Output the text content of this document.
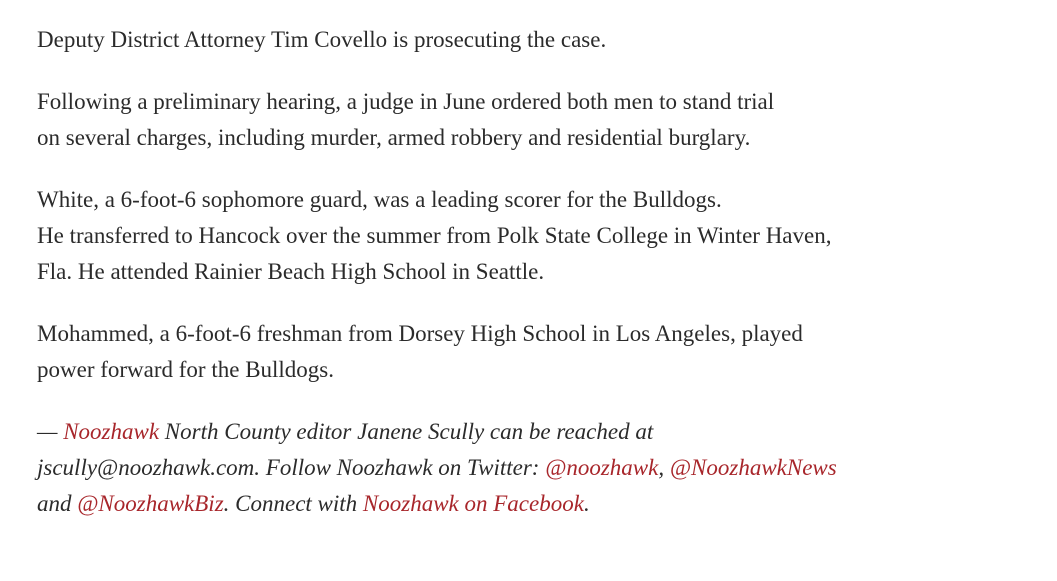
Deputy District Attorney Tim Covello is prosecuting the case.

Following a preliminary hearing, a judge in June ordered both men to stand trial
on several charges, including murder, armed robbery and residential burglary.

White, a 6-foot-6 sophomore guard, was a leading scorer for the Bulldogs.
He transferred to Hancock over the summer from Polk State College in Winter Haven,
Fla. He attended Rainier Beach High School in Seattle.

Mohammed, a 6-foot-6 freshman from Dorsey High School in Los Angeles, played
power forward for the Bulldogs.

— Noozhawk North County editor Janene Scully can be reached at
jscully@noozhawk.com. Follow Noozhawk on Twitter: @noozhawk, @NoozhawkNews
and @NoozhawkBiz. Connect with Noozhawk on Facebook.
